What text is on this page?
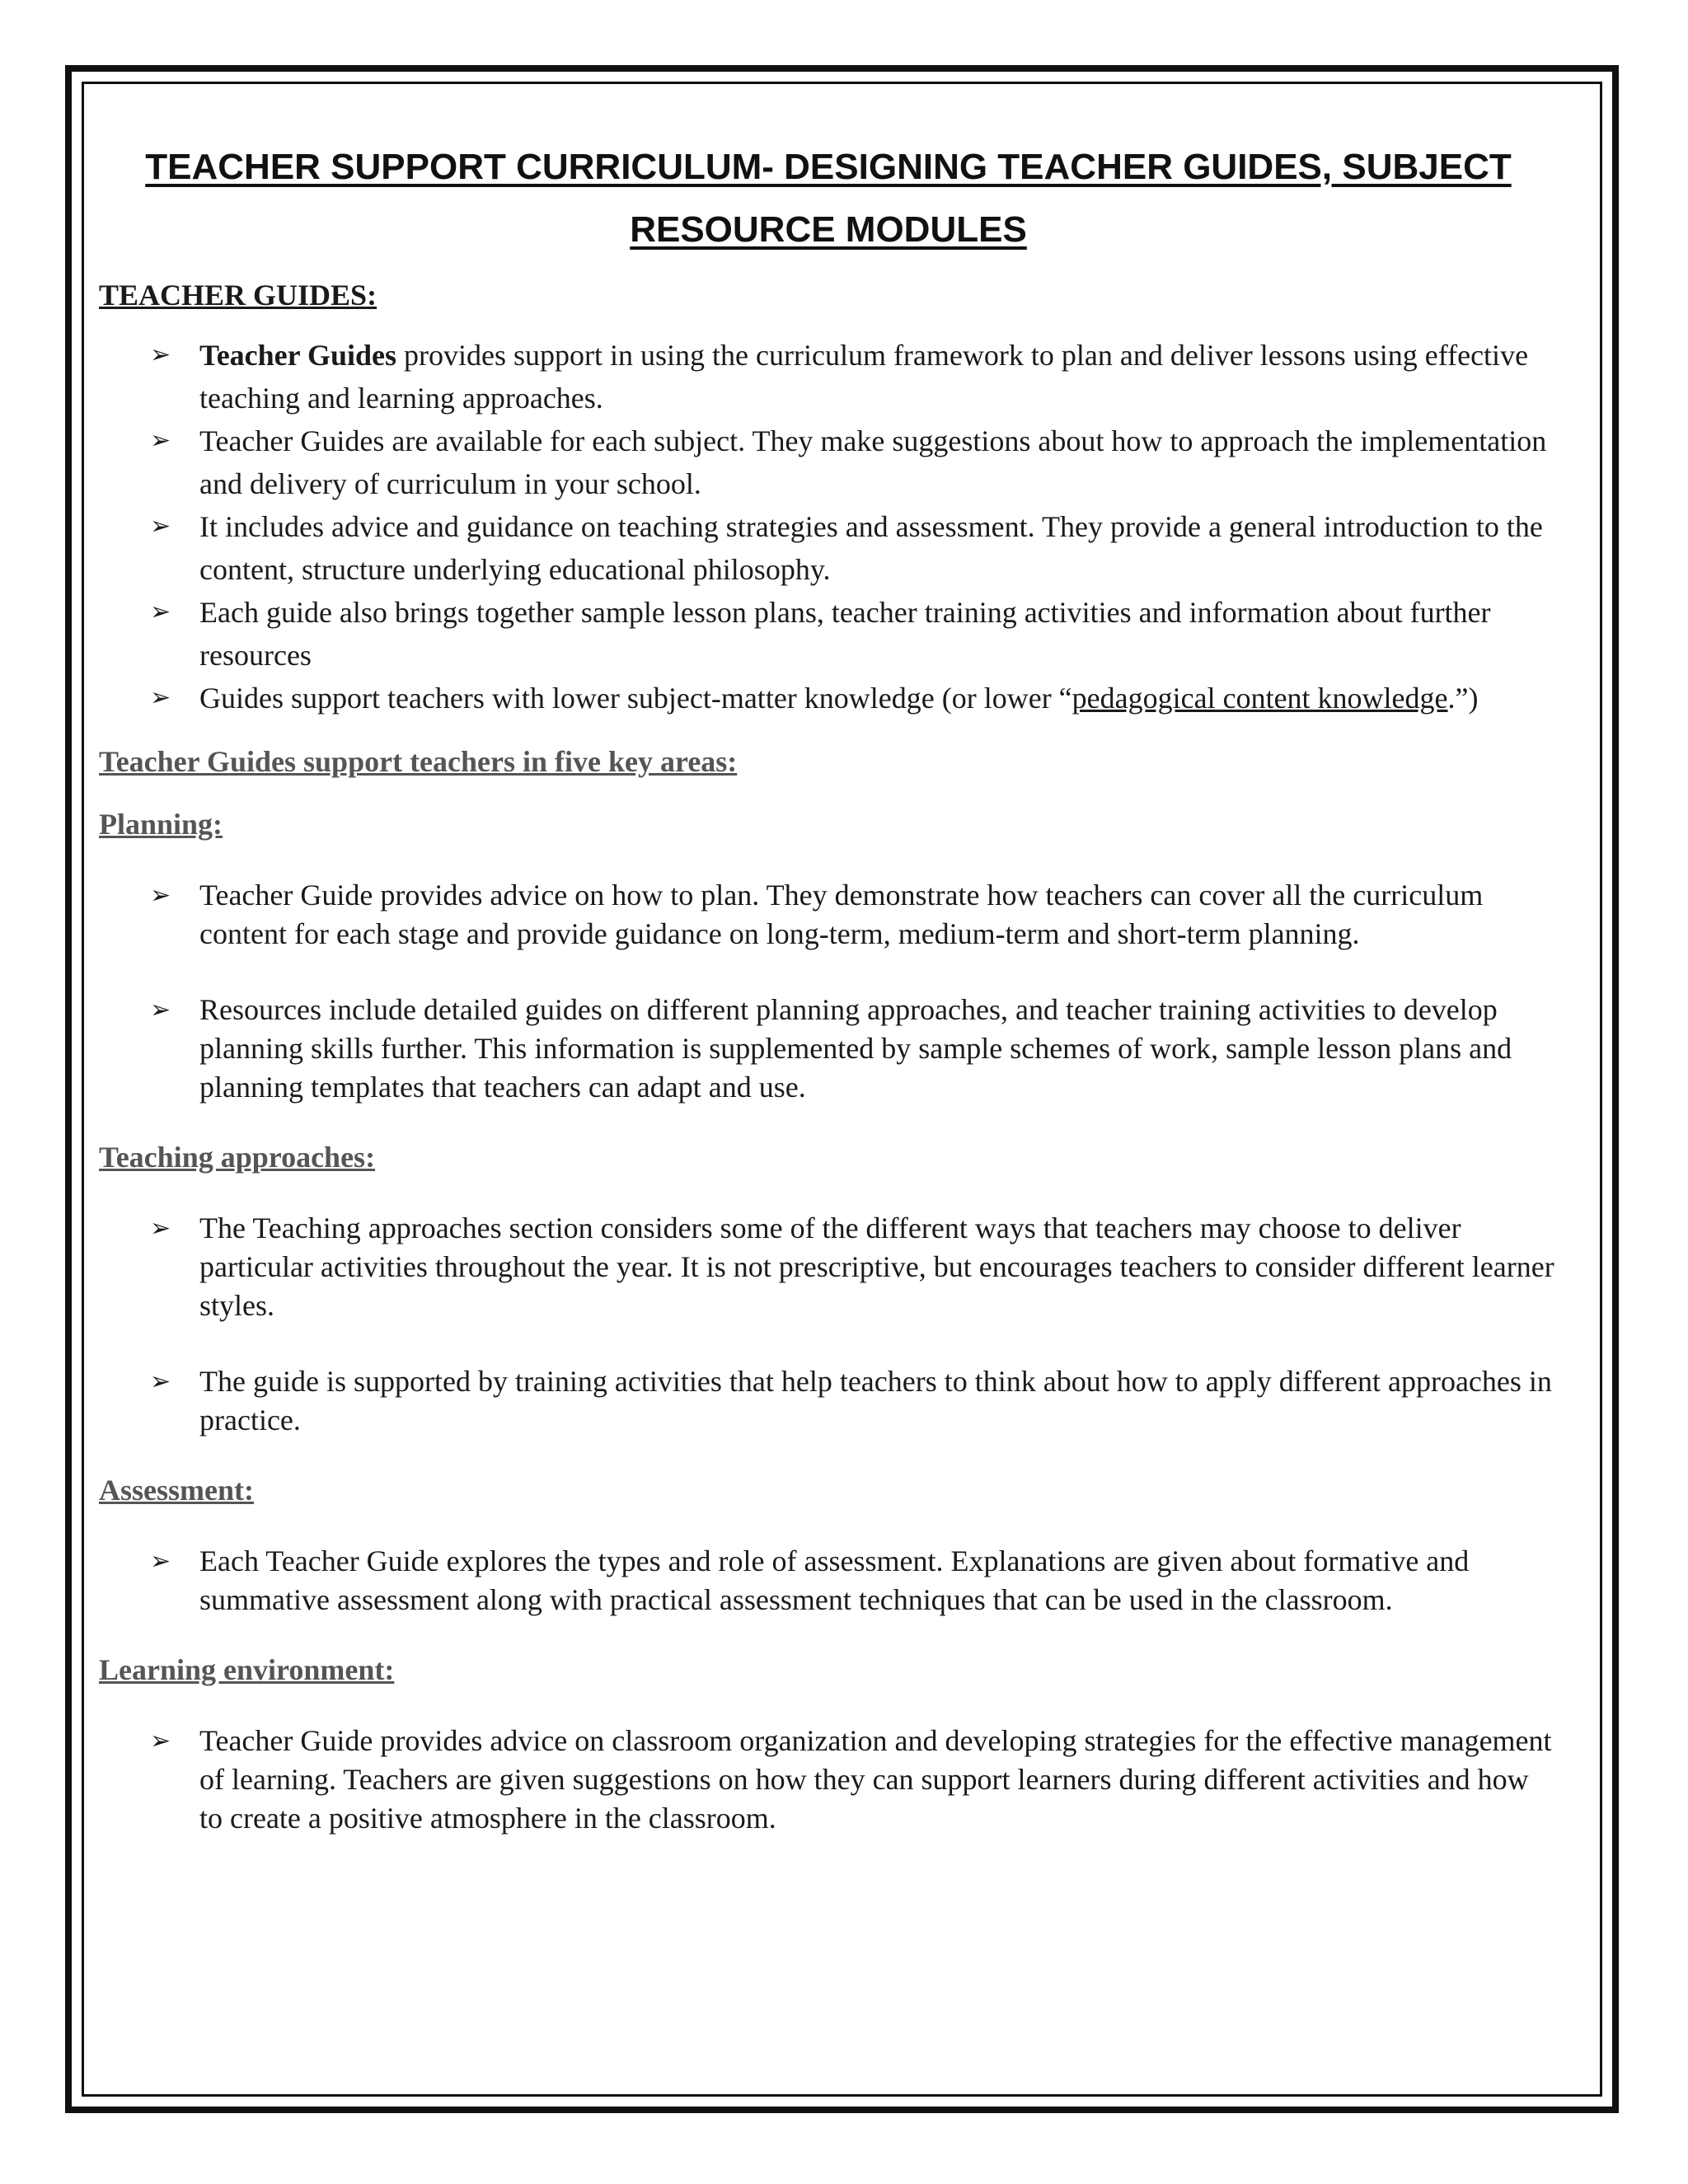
TEACHER SUPPORT CURRICULUM- DESIGNING TEACHER GUIDES, SUBJECT
RESOURCE MODULES

TEACHER GUIDES:

➢ Teacher Guides provides support in using the curriculum framework to plan and deliver lessons using effective teaching and learning approaches.
➢ Teacher Guides are available for each subject. They make suggestions about how to approach the implementation and delivery of curriculum in your school.
➢ It includes advice and guidance on teaching strategies and assessment. They provide a general introduction to the content, structure underlying educational philosophy.
➢ Each guide also brings together sample lesson plans, teacher training activities and information about further resources
➢ Guides support teachers with lower subject-matter knowledge (or lower “pedagogical content knowledge.”)

Teacher Guides support teachers in five key areas:

Planning:

➢ Teacher Guide provides advice on how to plan. They demonstrate how teachers can cover all the curriculum content for each stage and provide guidance on long-term, medium-term and short-term planning.
➢ Resources include detailed guides on different planning approaches, and teacher training activities to develop planning skills further. This information is supplemented by sample schemes of work, sample lesson plans and planning templates that teachers can adapt and use.

Teaching approaches:

➢ The Teaching approaches section considers some of the different ways that teachers may choose to deliver particular activities throughout the year. It is not prescriptive, but encourages teachers to consider different learner styles.
➢ The guide is supported by training activities that help teachers to think about how to apply different approaches in practice.

Assessment:

➢ Each Teacher Guide explores the types and role of assessment. Explanations are given about formative and summative assessment along with practical assessment techniques that can be used in the classroom.

Learning environment:

➢ Teacher Guide provides advice on classroom organization and developing strategies for the effective management of learning. Teachers are given suggestions on how they can support learners during different activities and how to create a positive atmosphere in the classroom.
